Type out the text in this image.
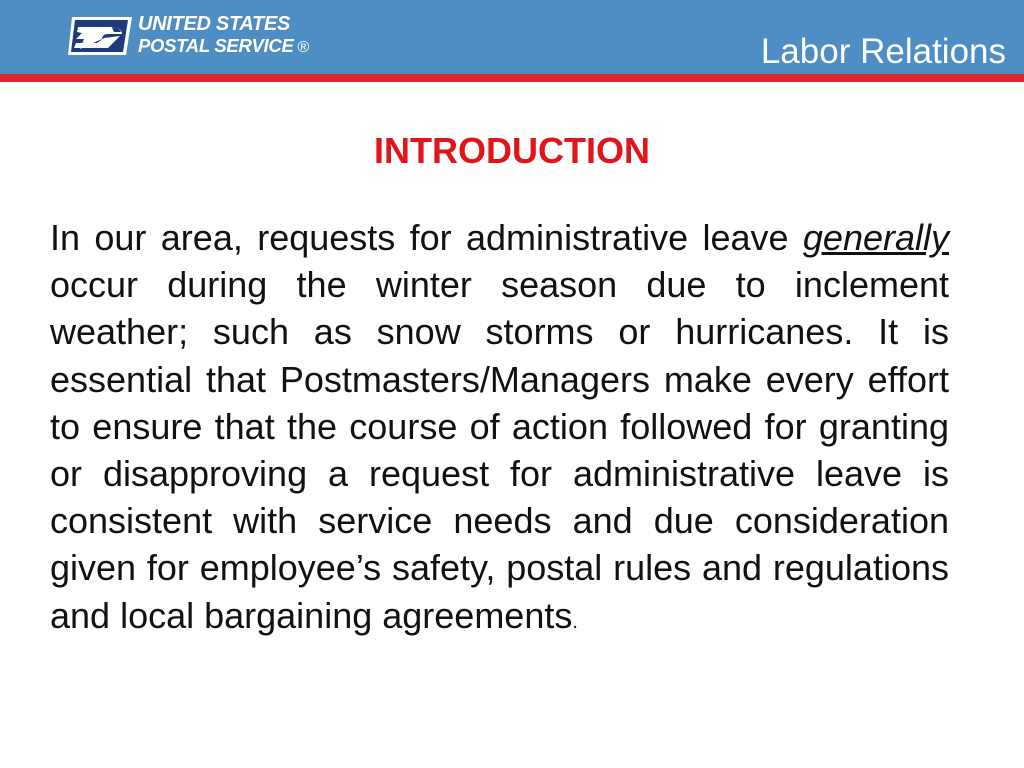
UNITED STATES
POSTAL SERVICE ®	Labor Relations
INTRODUCTION

In our area, requests for administrative leave generally occur during the winter season due to inclement weather; such as snow storms or hurricanes. It is essential that Postmasters/Managers make every effort to ensure that the course of action followed for granting or disapproving a request for administrative leave is consistent with service needs and due consideration given for employee’s safety, postal rules and regulations and local bargaining agreements.
